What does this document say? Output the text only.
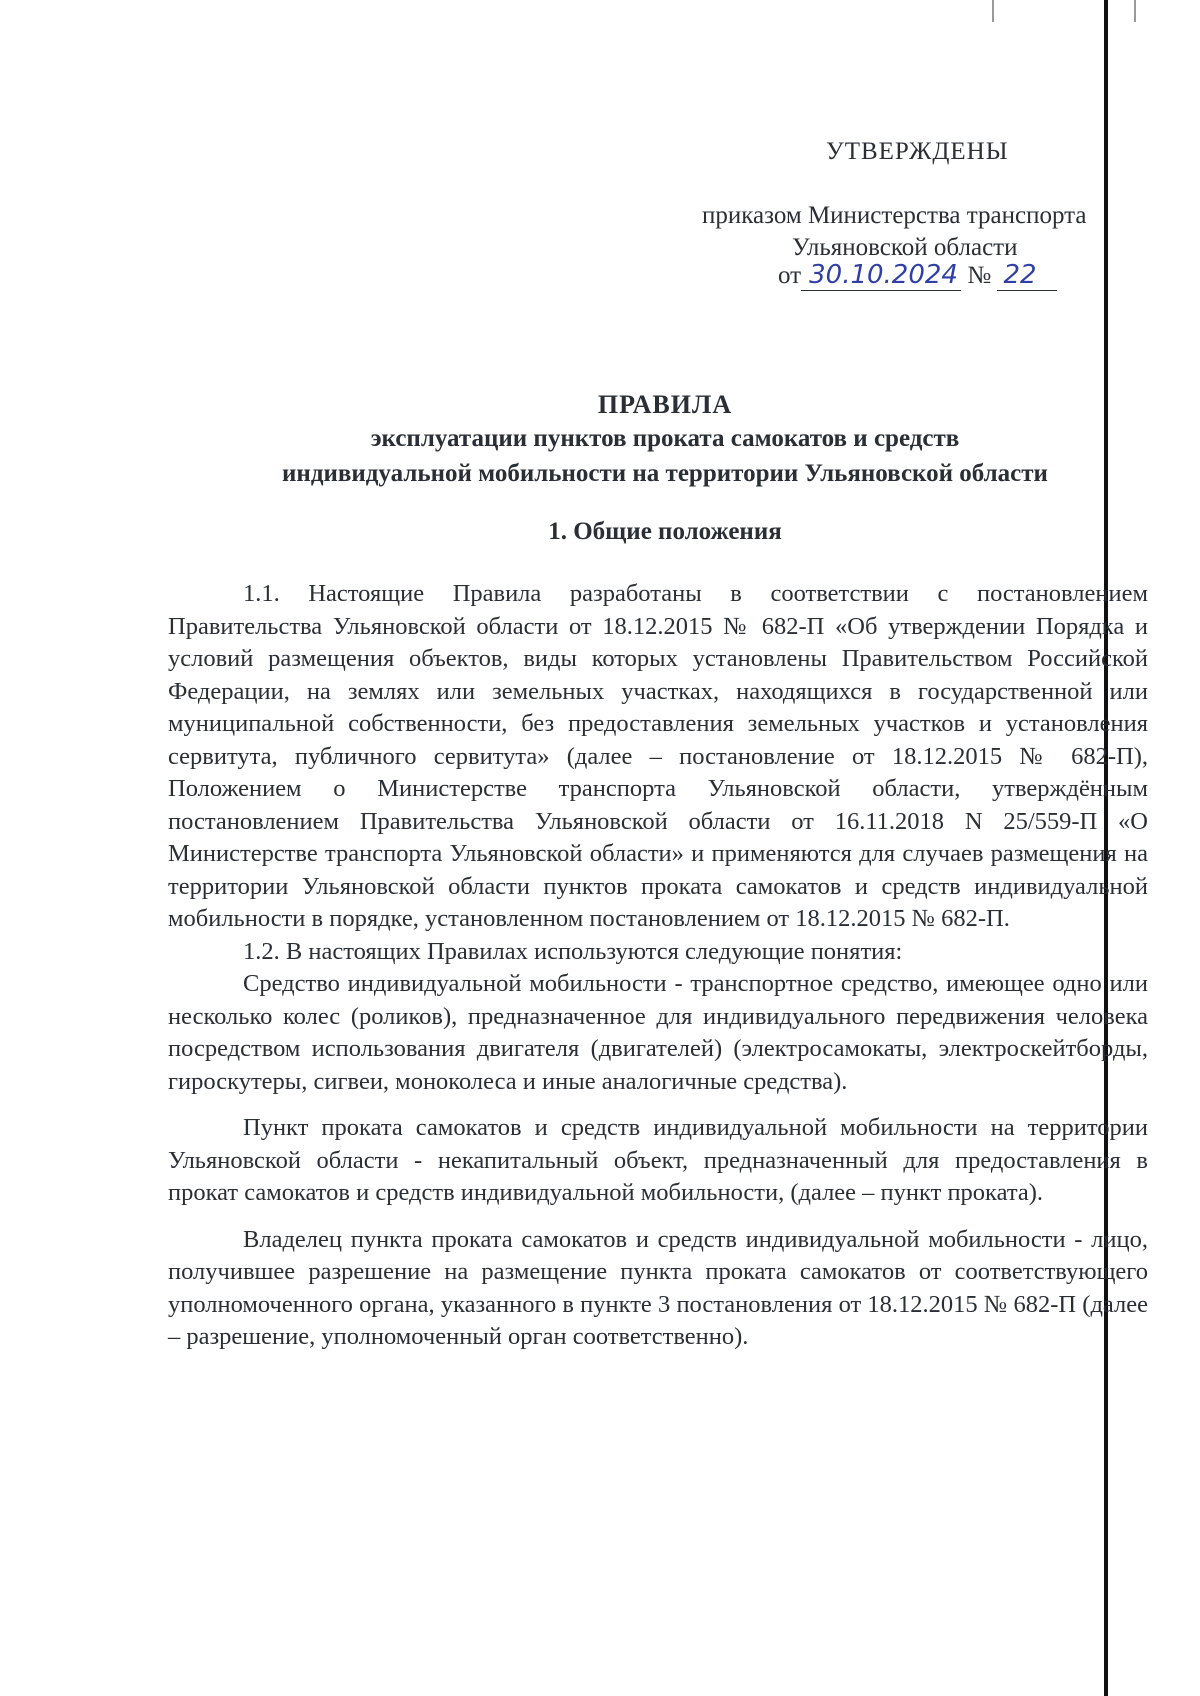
УТВЕРЖДЕНЫ
приказом Министерства транспорта
Ульяновской области
от 30.10.2024 № 22
ПРАВИЛА
эксплуатации пунктов проката самокатов и средств
индивидуальной мобильности на территории Ульяновской области
1. Общие положения

1.1. Настоящие Правила разработаны в соответствии с постановлением Правительства Ульяновской области от 18.12.2015 № 682-П «Об утверждении Порядка и условий размещения объектов, виды которых установлены Правительством Российской Федерации, на землях или земельных участках, находящихся в государственной или муниципальной собственности, без предоставления земельных участков и установления сервитута, публичного сервитута» (далее – постановление от 18.12.2015 № 682-П), Положением о Министерстве транспорта Ульяновской области, утверждённым постановлением Правительства Ульяновской области от 16.11.2018 N 25/559-П «О Министерстве транспорта Ульяновской области» и применяются для случаев размещения на территории Ульяновской области пунктов проката самокатов и средств индивидуальной мобильности в порядке, установленном постановлением от 18.12.2015 № 682-П.

1.2. В настоящих Правилах используются следующие понятия:

Средство индивидуальной мобильности - транспортное средство, имеющее одно или несколько колес (роликов), предназначенное для индивидуального передвижения человека посредством использования двигателя (двигателей) (электросамокаты, электроскейтборды, гироскутеры, сигвеи, моноколеса и иные аналогичные средства).

Пункт проката самокатов и средств индивидуальной мобильности на территории Ульяновской области - некапитальный объект, предназначенный для предоставления в прокат самокатов и средств индивидуальной мобильности, (далее – пункт проката).

Владелец пункта проката самокатов и средств индивидуальной мобильности - лицо, получившее разрешение на размещение пункта проката самокатов от соответствующего уполномоченного органа, указанного в пункте 3 постановления от 18.12.2015 № 682-П (далее – разрешение, уполномоченный орган соответственно).
